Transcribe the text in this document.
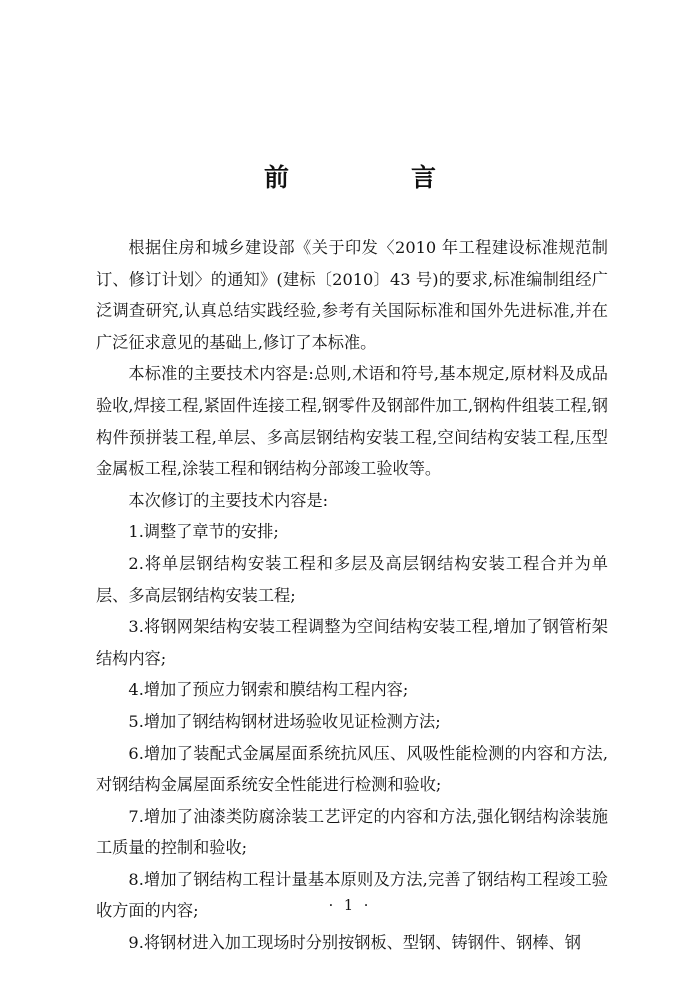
前　　言

根据住房和城乡建设部《关于印发〈2010 年工程建设标准规范制订、修订计划〉的通知》(建标〔2010〕43 号)的要求,标准编制组经广泛调查研究,认真总结实践经验,参考有关国际标准和国外先进标准,并在广泛征求意见的基础上,修订了本标准。

本标准的主要技术内容是:总则,术语和符号,基本规定,原材料及成品验收,焊接工程,紧固件连接工程,钢零件及钢部件加工,钢构件组装工程,钢构件预拼装工程,单层、多高层钢结构安装工程,空间结构安装工程,压型金属板工程,涂装工程和钢结构分部竣工验收等。

本次修订的主要技术内容是:

1.调整了章节的安排;

2.将单层钢结构安装工程和多层及高层钢结构安装工程合并为单层、多高层钢结构安装工程;

3.将钢网架结构安装工程调整为空间结构安装工程,增加了钢管桁架结构内容;

4.增加了预应力钢索和膜结构工程内容;

5.增加了钢结构钢材进场验收见证检测方法;

6.增加了装配式金属屋面系统抗风压、风吸性能检测的内容和方法,对钢结构金属屋面系统安全性能进行检测和验收;

7.增加了油漆类防腐涂装工艺评定的内容和方法,强化钢结构涂装施工质量的控制和验收;

8.增加了钢结构工程计量基本原则及方法,完善了钢结构工程竣工验收方面的内容;

9.将钢材进入加工现场时分别按钢板、型钢、铸钢件、钢棒、钢

· 1 ·
